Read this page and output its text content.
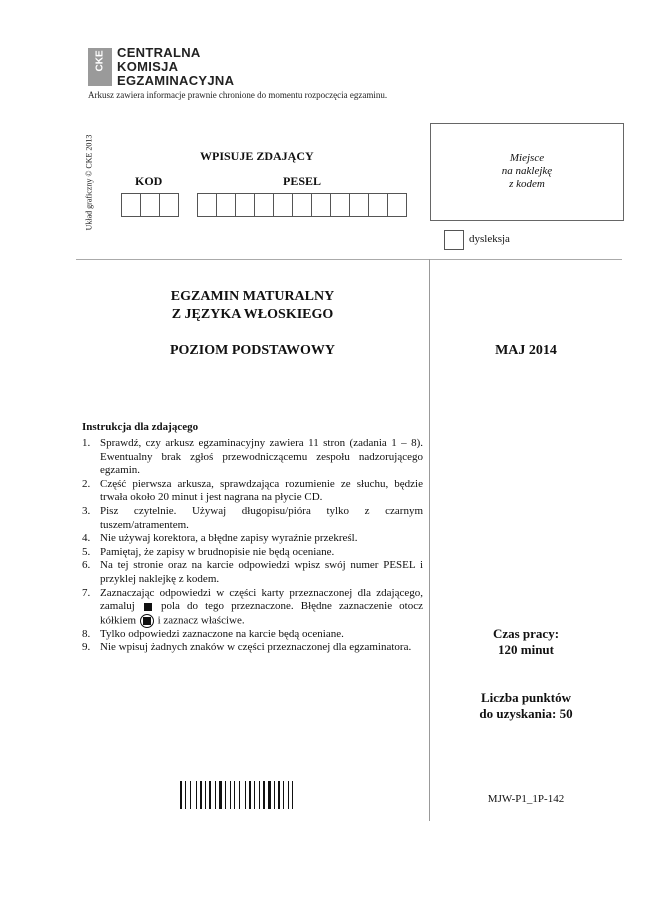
CKE CENTRALNA
KOMISJA
EGZAMINACYJNA
Arkusz zawiera informacje prawnie chronione do momentu rozpoczęcia egzaminu.
Układ graficzny © CKE 2013	WPISUJE ZDAJĄCY
KOD	PESEL
Miejsce
na naklejkę
z kodem
dysleksja
EGZAMIN MATURALNY
Z JĘZYKA WŁOSKIEGO
POZIOM PODSTAWOWY	MAJ 2014
Instrukcja dla zdającego
1. Sprawdź, czy arkusz egzaminacyjny zawiera 11 stron (zadania 1 – 8). Ewentualny brak zgłoś przewodniczącemu zespołu nadzorującego egzamin.
2. Część pierwsza arkusza, sprawdzająca rozumienie ze słuchu, będzie trwała około 20 minut i jest nagrana na płycie CD.
3. Pisz czytelnie. Używaj długopisu/pióra tylko z czarnym tuszem/atramentem.
4. Nie używaj korektora, a błędne zapisy wyraźnie przekreśl.
5. Pamiętaj, że zapisy w brudnopisie nie będą oceniane.
6. Na tej stronie oraz na karcie odpowiedzi wpisz swój numer PESEL i przyklej naklejkę z kodem.
7. Zaznaczając odpowiedzi w części karty przeznaczonej dla zdającego, zamaluj pola do tego przeznaczone. Błędne zaznaczenie otocz kółkiem i zaznacz właściwe.
8. Tylko odpowiedzi zaznaczone na karcie będą oceniane.
9. Nie wpisuj żadnych znaków w części przeznaczonej dla egzaminatora.
Czas pracy:
120 minut
Liczba punktów
do uzyskania: 50
MJW-P1_1P-142
